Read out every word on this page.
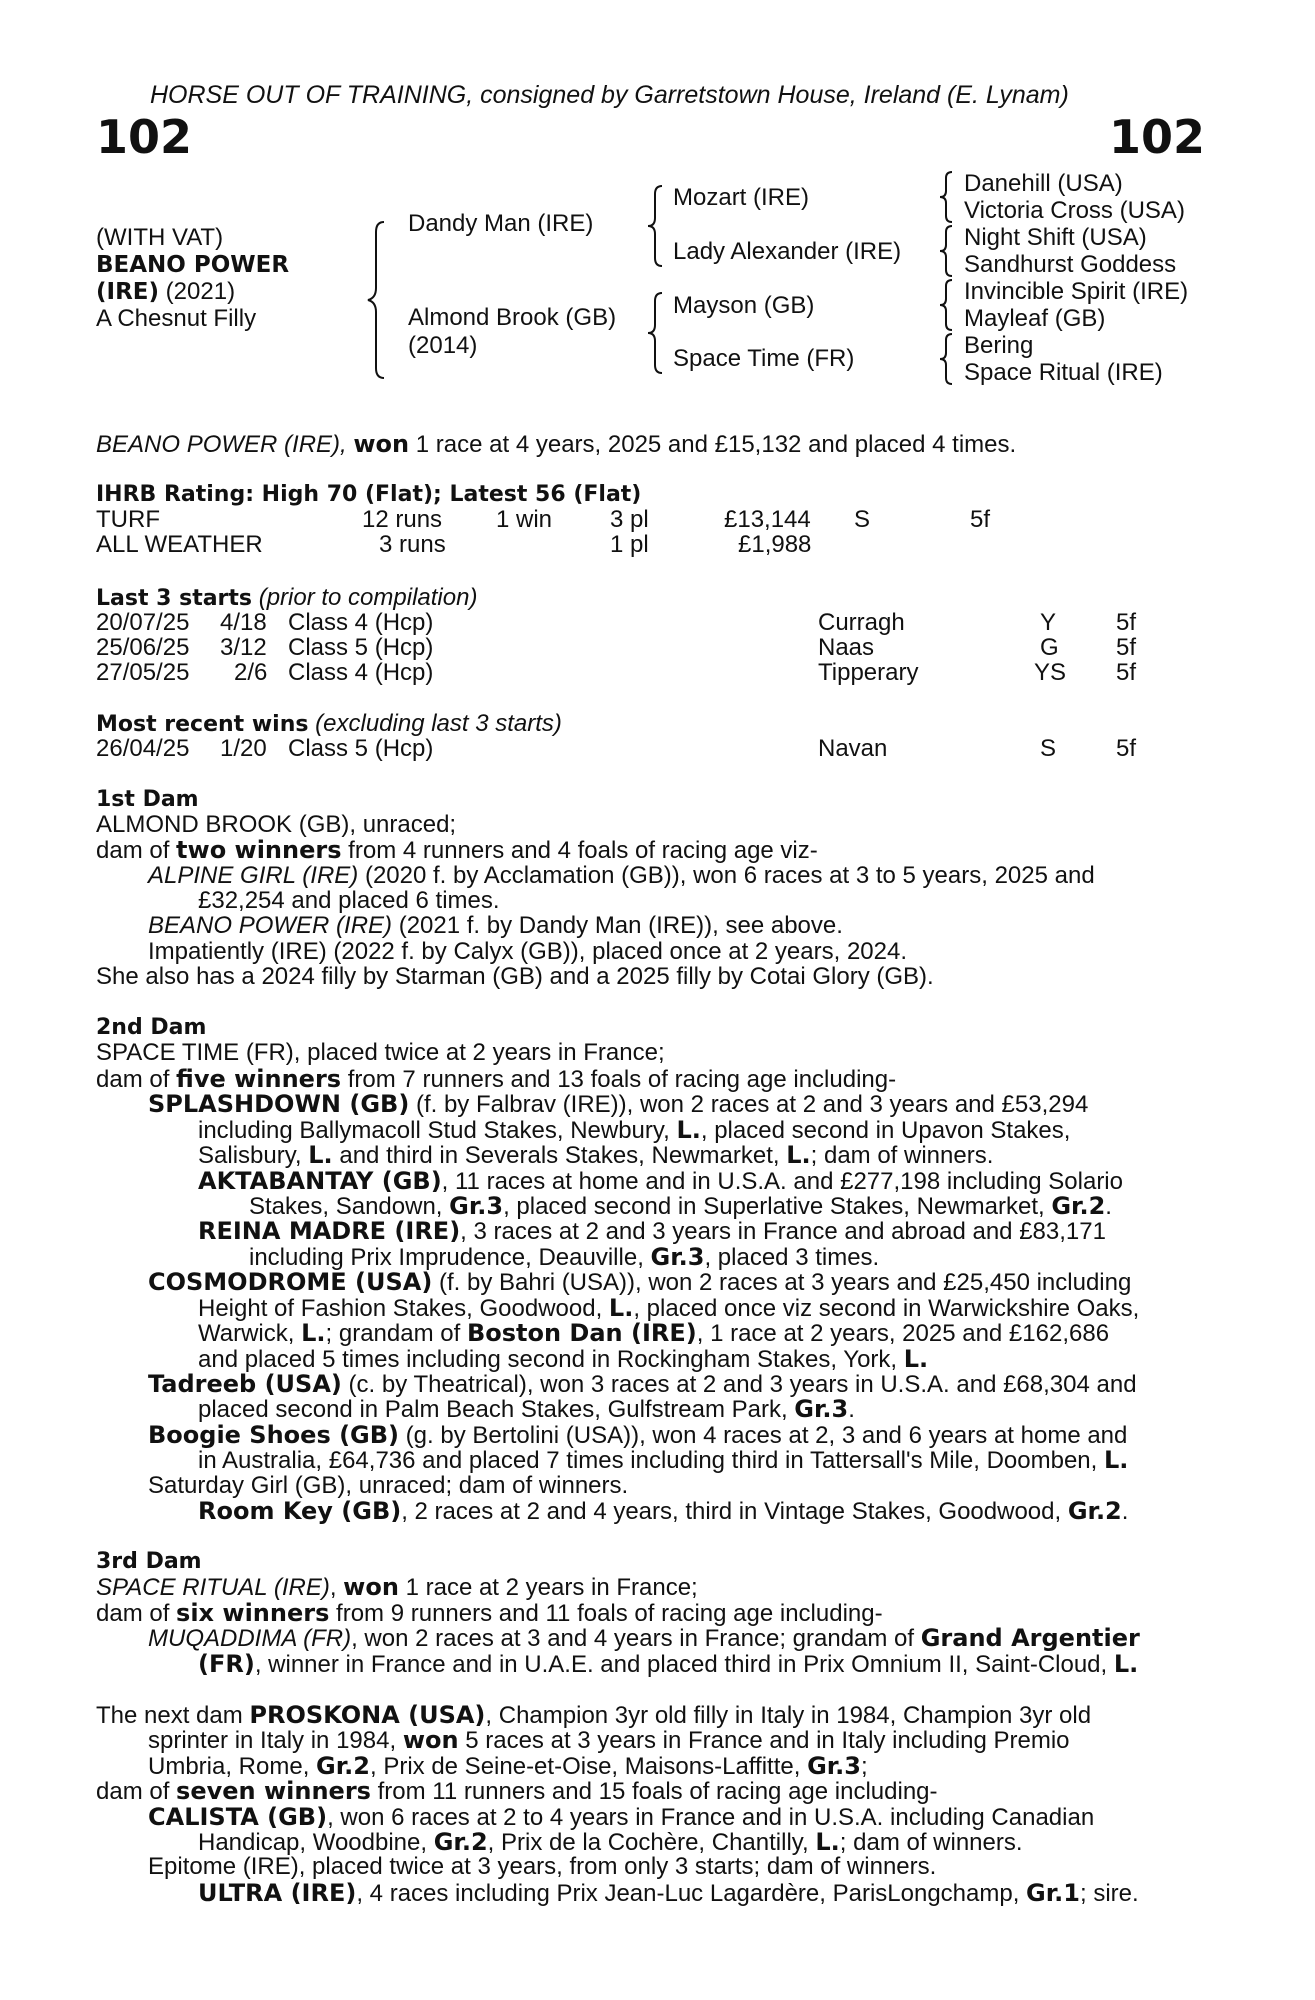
HORSE OUT OF TRAINING, consigned by Garretstown House, Ireland (E. Lynam)
102	102
(WITH VAT)
BEANO POWER
(IRE) (2021)
A Chesnut Filly
Dandy Man (IRE)
Almond Brook (GB)
(2014)
Mozart (IRE)
Lady Alexander (IRE)
Mayson (GB)
Space Time (FR)
Danehill (USA)
Victoria Cross (USA)
Night Shift (USA)
Sandhurst Goddess
Invincible Spirit (IRE)
Mayleaf (GB)
Bering
Space Ritual (IRE)
BEANO POWER (IRE), won 1 race at 4 years, 2025 and £15,132 and placed 4 times.
IHRB Rating: High 70 (Flat); Latest 56 (Flat)
TURF	12 runs 1 win 3 pl	£13,144 S	5f
ALL WEATHER	3 runs	1 pl	£1,988
Last 3 starts (prior to compilation)
20/07/25 4/18 Class 4 (Hcp)	Curragh	Y 5f
25/06/25 3/12 Class 5 (Hcp)	Naas	G 5f
27/05/25 2/6 Class 4 (Hcp)	Tipperary	YS 5f
Most recent wins (excluding last 3 starts)
26/04/25 1/20 Class 5 (Hcp)	Navan	S 5f
1st Dam
ALMOND BROOK (GB), unraced;
dam of two winners from 4 runners and 4 foals of racing age viz-
ALPINE GIRL (IRE) (2020 f. by Acclamation (GB)), won 6 races at 3 to 5 years, 2025 and
£32,254 and placed 6 times.
BEANO POWER (IRE) (2021 f. by Dandy Man (IRE)), see above.
Impatiently (IRE) (2022 f. by Calyx (GB)), placed once at 2 years, 2024.
She also has a 2024 filly by Starman (GB) and a 2025 filly by Cotai Glory (GB).
2nd Dam
SPACE TIME (FR), placed twice at 2 years in France;
dam of five winners from 7 runners and 13 foals of racing age including-
SPLASHDOWN (GB) (f. by Falbrav (IRE)), won 2 races at 2 and 3 years and £53,294
including Ballymacoll Stud Stakes, Newbury, L., placed second in Upavon Stakes,
Salisbury, L. and third in Severals Stakes, Newmarket, L.; dam of winners.
AKTABANTAY (GB), 11 races at home and in U.S.A. and £277,198 including Solario
Stakes, Sandown, Gr.3, placed second in Superlative Stakes, Newmarket, Gr.2.
REINA MADRE (IRE), 3 races at 2 and 3 years in France and abroad and £83,171
including Prix Imprudence, Deauville, Gr.3, placed 3 times.
COSMODROME (USA) (f. by Bahri (USA)), won 2 races at 3 years and £25,450 including
Height of Fashion Stakes, Goodwood, L., placed once viz second in Warwickshire Oaks,
Warwick, L.; grandam of Boston Dan (IRE), 1 race at 2 years, 2025 and £162,686
and placed 5 times including second in Rockingham Stakes, York, L.
Tadreeb (USA) (c. by Theatrical), won 3 races at 2 and 3 years in U.S.A. and £68,304 and
placed second in Palm Beach Stakes, Gulfstream Park, Gr.3.
Boogie Shoes (GB) (g. by Bertolini (USA)), won 4 races at 2, 3 and 6 years at home and
in Australia, £64,736 and placed 7 times including third in Tattersall's Mile, Doomben, L.
Saturday Girl (GB), unraced; dam of winners.
Room Key (GB), 2 races at 2 and 4 years, third in Vintage Stakes, Goodwood, Gr.2.
3rd Dam
SPACE RITUAL (IRE), won 1 race at 2 years in France;
dam of six winners from 9 runners and 11 foals of racing age including-
MUQADDIMA (FR), won 2 races at 3 and 4 years in France; grandam of Grand Argentier
(FR), winner in France and in U.A.E. and placed third in Prix Omnium II, Saint-Cloud, L.
The next dam PROSKONA (USA), Champion 3yr old filly in Italy in 1984, Champion 3yr old
sprinter in Italy in 1984, won 5 races at 3 years in France and in Italy including Premio
Umbria, Rome, Gr.2, Prix de Seine-et-Oise, Maisons-Laffitte, Gr.3;
dam of seven winners from 11 runners and 15 foals of racing age including-
CALISTA (GB), won 6 races at 2 to 4 years in France and in U.S.A. including Canadian
Handicap, Woodbine, Gr.2, Prix de la Cochère, Chantilly, L.; dam of winners.
Epitome (IRE), placed twice at 3 years, from only 3 starts; dam of winners.
ULTRA (IRE), 4 races including Prix Jean-Luc Lagardère, ParisLongchamp, Gr.1; sire.
